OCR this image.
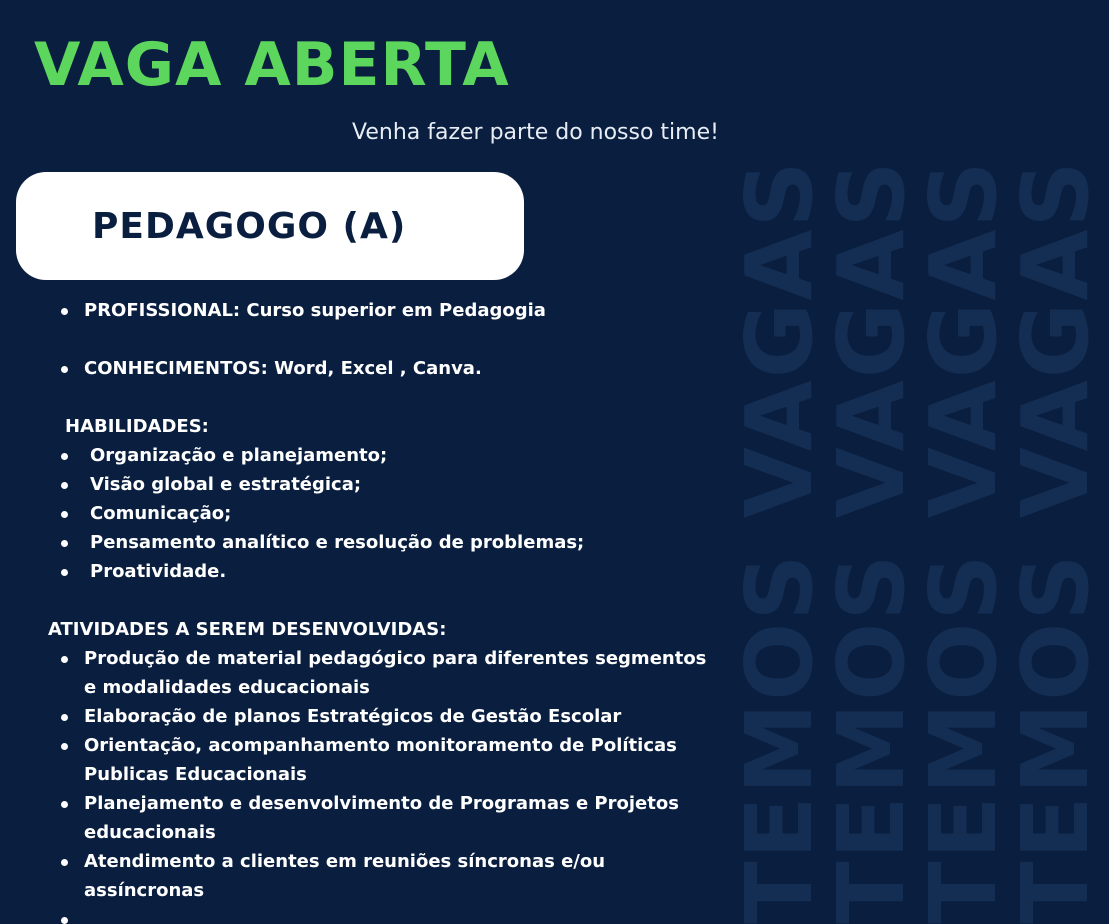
TEMOS VAGAS
TEMOS VAGAS
TEMOS VAGAS
TEMOS VAGAS
VAGA ABERTA
Venha fazer parte do nosso time!
PEDAGOGO (A)
PROFISSIONAL: Curso superior em Pedagogia
CONHECIMENTOS: Word, Excel , Canva.

HABILIDADES:

Organização e planejamento;
Visão global e estratégica;
Comunicação;
Pensamento analítico e resolução de problemas;
Proatividade.

ATIVIDADES A SEREM DESENVOLVIDAS:

Produção de material pedagógico para diferentes segmentos e modalidades educacionais
Elaboração de planos Estratégicos de Gestão Escolar
Orientação, acompanhamento monitoramento de Políticas Publicas Educacionais
Planejamento e desenvolvimento de Programas e Projetos educacionais
Atendimento a clientes em reuniões síncronas e/ou assíncronas
